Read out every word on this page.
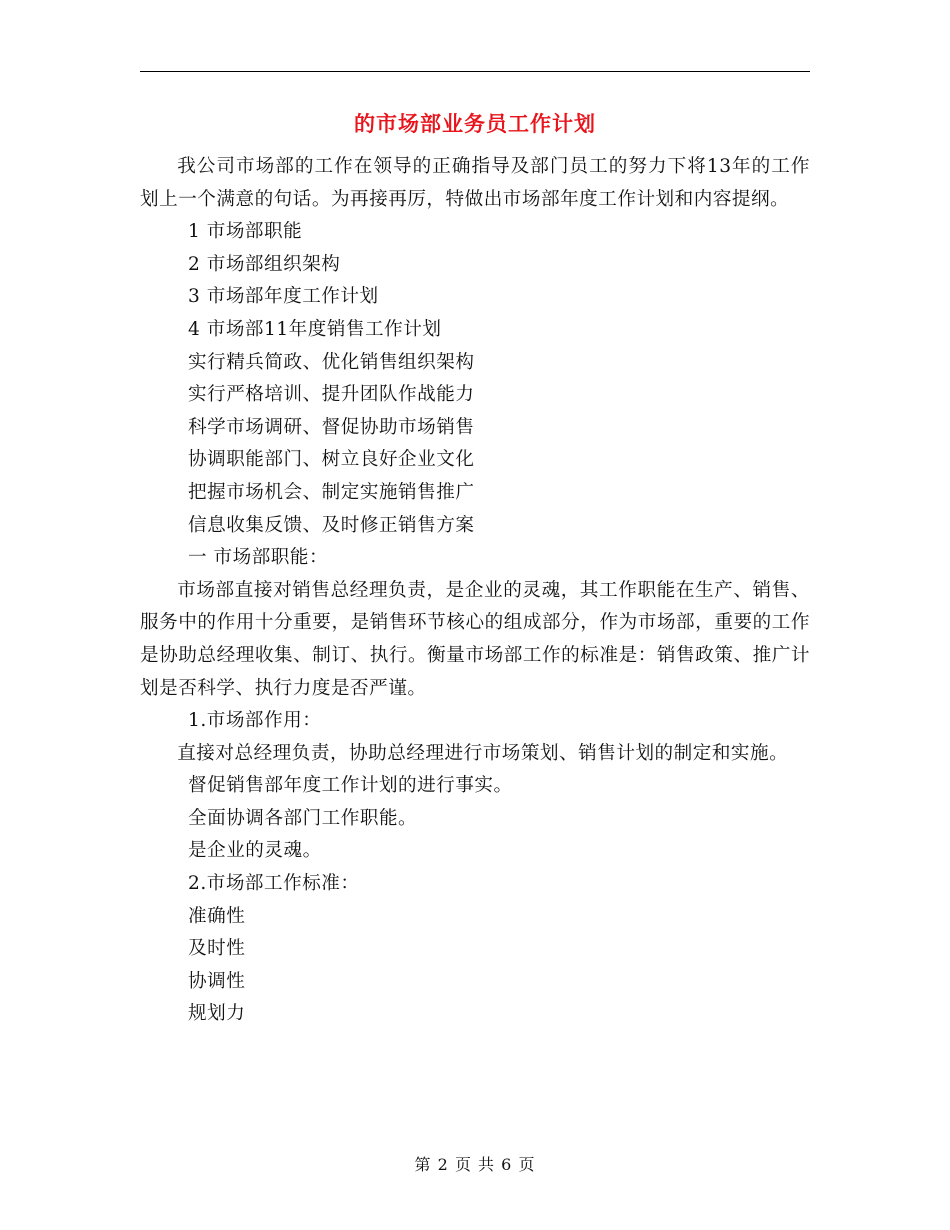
的市场部业务员工作计划

我公司市场部的工作在领导的正确指导及部门员工的努力下将13年的工作划上一个满意的句话。为再接再厉，特做出市场部年度工作计划和内容提纲。

1 市场部职能

2 市场部组织架构

3 市场部年度工作计划

4 市场部11年度销售工作计划

实行精兵简政、优化销售组织架构

实行严格培训、提升团队作战能力

科学市场调研、督促协助市场销售

协调职能部门、树立良好企业文化

把握市场机会、制定实施销售推广

信息收集反馈、及时修正销售方案

一 市场部职能：

市场部直接对销售总经理负责，是企业的灵魂，其工作职能在生产、销售、服务中的作用十分重要，是销售环节核心的组成部分，作为市场部，重要的工作是协助总经理收集、制订、执行。衡量市场部工作的标准是：销售政策、推广计划是否科学、执行力度是否严谨。

1.市场部作用：

直接对总经理负责，协助总经理进行市场策划、销售计划的制定和实施。

督促销售部年度工作计划的进行事实。

全面协调各部门工作职能。

是企业的灵魂。

2.市场部工作标准：

准确性

及时性

协调性

规划力

第 2 页 共 6 页
